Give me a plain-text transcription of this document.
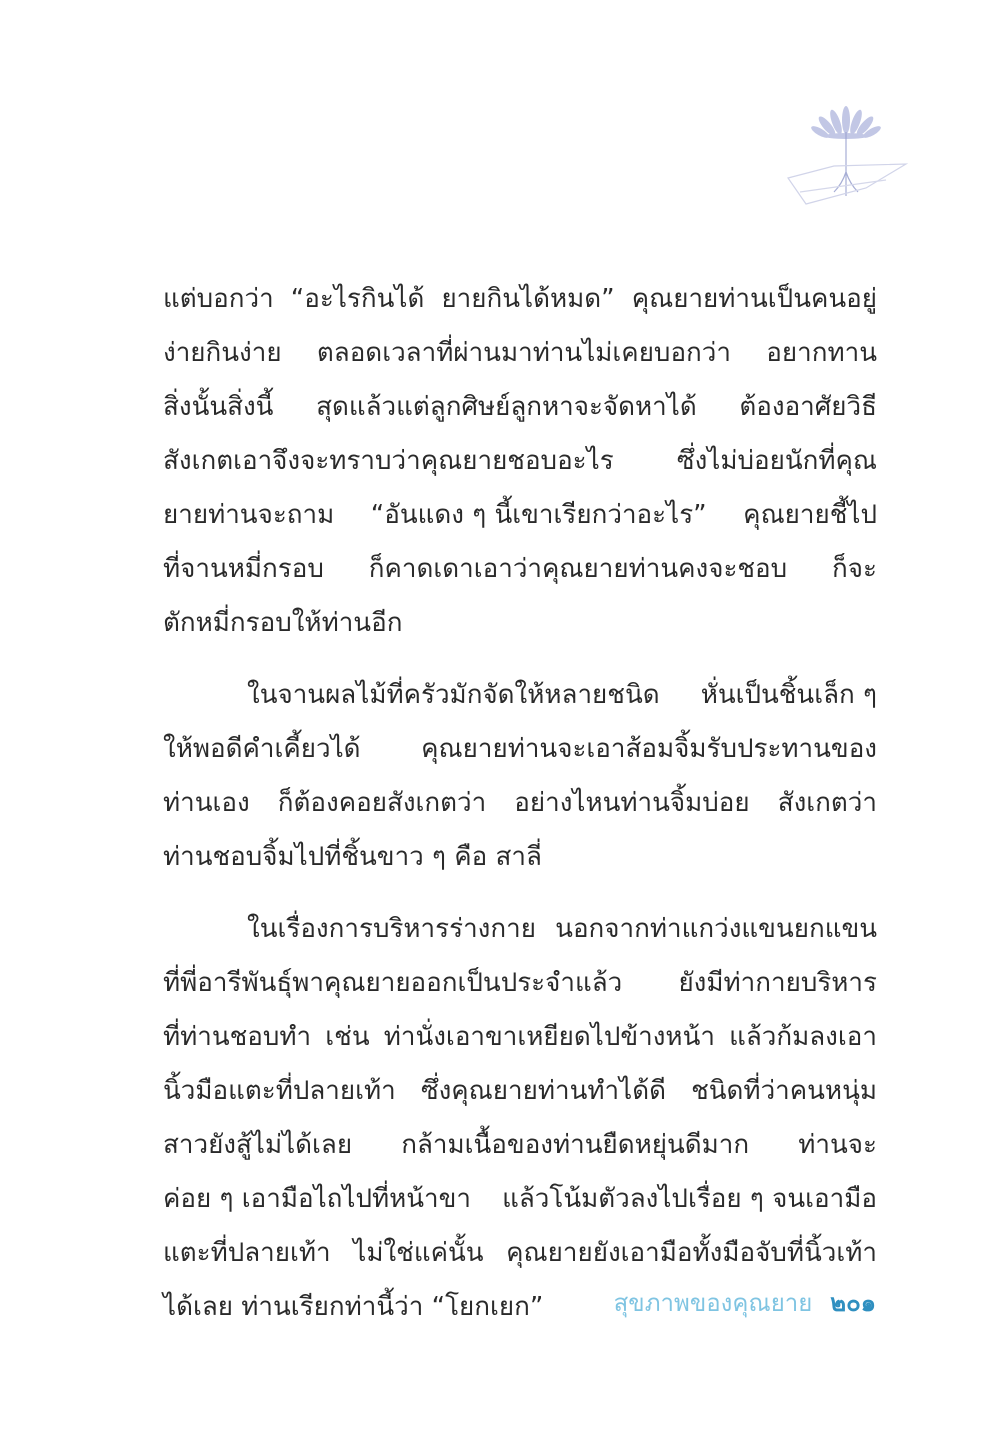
แต่บอกว่า “อะไรกินได้ ยายกินได้หมด” คุณยายท่านเป็นคนอยู่
ง่ายกินง่าย ตลอดเวลาที่ผ่านมาท่านไม่เคยบอกว่า อยากทาน
สิ่งนั้นสิ่งนี้ สุดแล้วแต่ลูกศิษย์ลูกหาจะจัดหาได้ ต้องอาศัยวิธี
สังเกตเอาจึงจะทราบว่าคุณยายชอบอะไร ซึ่งไม่บ่อยนักที่คุณ
ยายท่านจะถาม “อันแดง ๆ นี้เขาเรียกว่าอะไร” คุณยายชี้ไป
ที่จานหมี่กรอบ ก็คาดเดาเอาว่าคุณยายท่านคงจะชอบ ก็จะ
ตักหมี่กรอบให้ท่านอีก
ในจานผลไม้ที่ครัวมักจัดให้หลายชนิด หั่นเป็นชิ้นเล็ก ๆ
ให้พอดีคำเคี้ยวได้ คุณยายท่านจะเอาส้อมจิ้มรับประทานของ
ท่านเอง ก็ต้องคอยสังเกตว่า อย่างไหนท่านจิ้มบ่อย สังเกตว่า
ท่านชอบจิ้มไปที่ชิ้นขาว ๆ คือ สาลี่
ในเรื่องการบริหารร่างกาย นอกจากท่าแกว่งแขนยกแขน
ที่พี่อารีพันธุ์พาคุณยายออกเป็นประจำแล้ว ยังมีท่ากายบริหาร
ที่ท่านชอบทำ เช่น ท่านั่งเอาขาเหยียดไปข้างหน้า แล้วก้มลงเอา
นิ้วมือแตะที่ปลายเท้า ซึ่งคุณยายท่านทำได้ดี ชนิดที่ว่าคนหนุ่ม
สาวยังสู้ไม่ได้เลย กล้ามเนื้อของท่านยืดหยุ่นดีมาก ท่านจะ
ค่อย ๆ เอามือไถไปที่หน้าขา แล้วโน้มตัวลงไปเรื่อย ๆ จนเอามือ
แตะที่ปลายเท้า ไม่ใช่แค่นั้น คุณยายยังเอามือทั้งมือจับที่นิ้วเท้า
ได้เลย ท่านเรียกท่านี้ว่า “โยกเยก”	สุขภาพของคุณยาย ๒๐๑
